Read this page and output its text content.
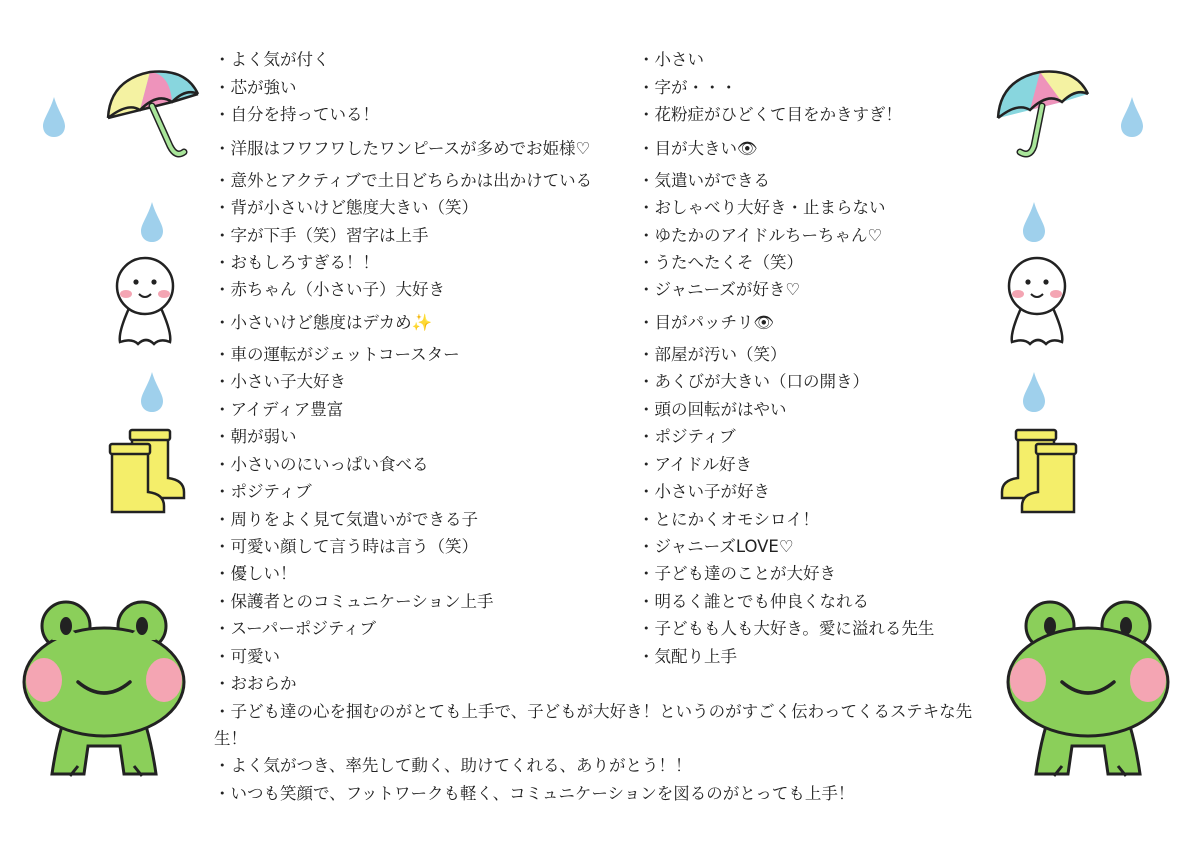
・よく気が付く
・芯が強い
・自分を持っている！
・洋服はフワフワしたワンピースが多めでお姫様♡
・意外とアクティブで土日どちらかは出かけている
・背が小さいけど態度大きい（笑）
・字が下手（笑）習字は上手
・おもしろすぎる！！
・赤ちゃん（小さい子）大好き
・小さいけど態度はデカめ✨
・車の運転がジェットコースター
・小さい子大好き
・アイディア豊富
・朝が弱い
・小さいのにいっぱい食べる
・ポジティブ
・周りをよく見て気遣いができる子
・可愛い顔して言う時は言う（笑）
・優しい！
・保護者とのコミュニケーション上手
・スーパーポジティブ
・可愛い
・おおらか
・子ども達の心を掴むのがとても上手で、子どもが大好き！というのがすごく伝わってくるステキな先生！
・よく気がつき、率先して動く、助けてくれる、ありがとう！！
・いつも笑顔で、フットワークも軽く、コミュニケーションを図るのがとっても上手！
・小さい
・字が・・・
・花粉症がひどくて目をかきすぎ！
・目が大きい👁
・気遣いができる
・おしゃべり大好き・止まらない
・ゆたかのアイドルちーちゃん♡
・うたへたくそ（笑）
・ジャニーズが好き♡
・目がパッチリ👁
・部屋が汚い（笑）
・あくびが大きい（口の開き）
・頭の回転がはやい
・ポジティブ
・アイドル好き
・小さい子が好き
・とにかくオモシロイ！
・ジャニーズLOVE♡
・子ども達のことが大好き
・明るく誰とでも仲良くなれる
・子どもも人も大好き。愛に溢れる先生
・気配り上手
